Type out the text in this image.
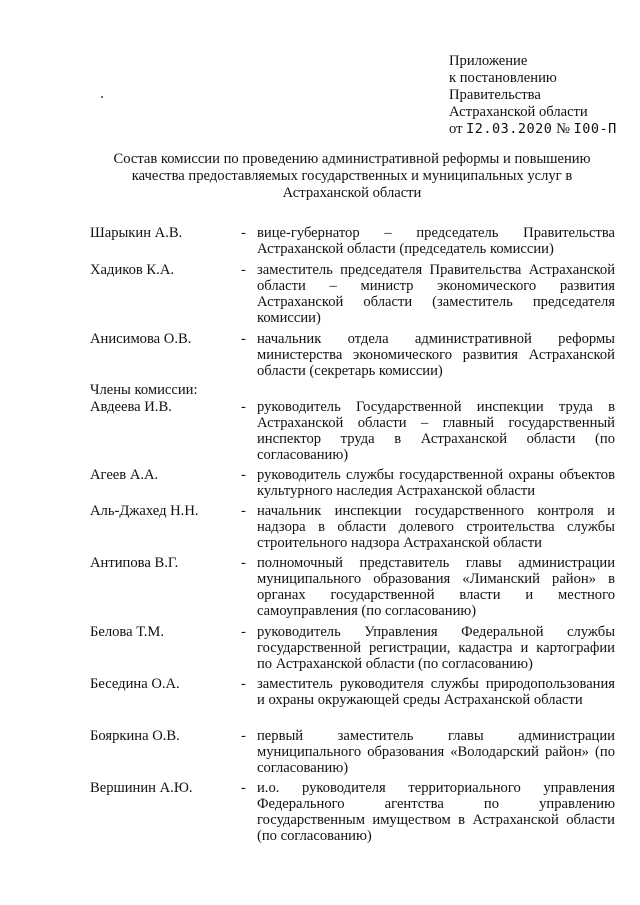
Приложение
к постановлению
Правительства
Астраханской области
от I2.03.2020 № I00-П
Состав комиссии по проведению административной реформы и повышению качества предоставляемых государственных и муниципальных услуг в Астраханской области
Шарыкин А.В.	- вице-губернатор – председатель Правительства Астраханской области (председатель комиссии)
Хадиков К.А.	- заместитель председателя Правительства Астраханской области – министр экономического развития Астраханской области (заместитель председателя комиссии)
Анисимова О.В.	- начальник отдела административной реформы министерства экономического развития Астраханской области (секретарь комиссии)
Члены комиссии:
Авдеева И.В.	- руководитель Государственной инспекции труда в Астраханской области – главный государственный инспектор труда в Астраханской области (по согласованию)
Агеев А.А.	- руководитель службы государственной охраны объектов культурного наследия Астраханской области
Аль-Джахед Н.Н.	- начальник инспекции государственного контроля и надзора в области долевого строительства службы строительного надзора Астраханской области
Антипова В.Г.	- полномочный представитель главы администрации муниципального образования «Лиманский район» в органах государственной власти и местного самоуправления (по согласованию)
Белова Т.М.	- руководитель Управления Федеральной службы государственной регистрации, кадастра и картографии по Астраханской области (по согласованию)
Беседина О.А.	- заместитель руководителя службы природопользования и охраны окружающей среды Астраханской области
Бояркина О.В.	- первый заместитель главы администрации муниципального образования «Володарский район» (по согласованию)
Вершинин А.Ю.	- и.о. руководителя территориального управления Федерального агентства по управлению государственным имуществом в Астраханской области (по согласованию)
